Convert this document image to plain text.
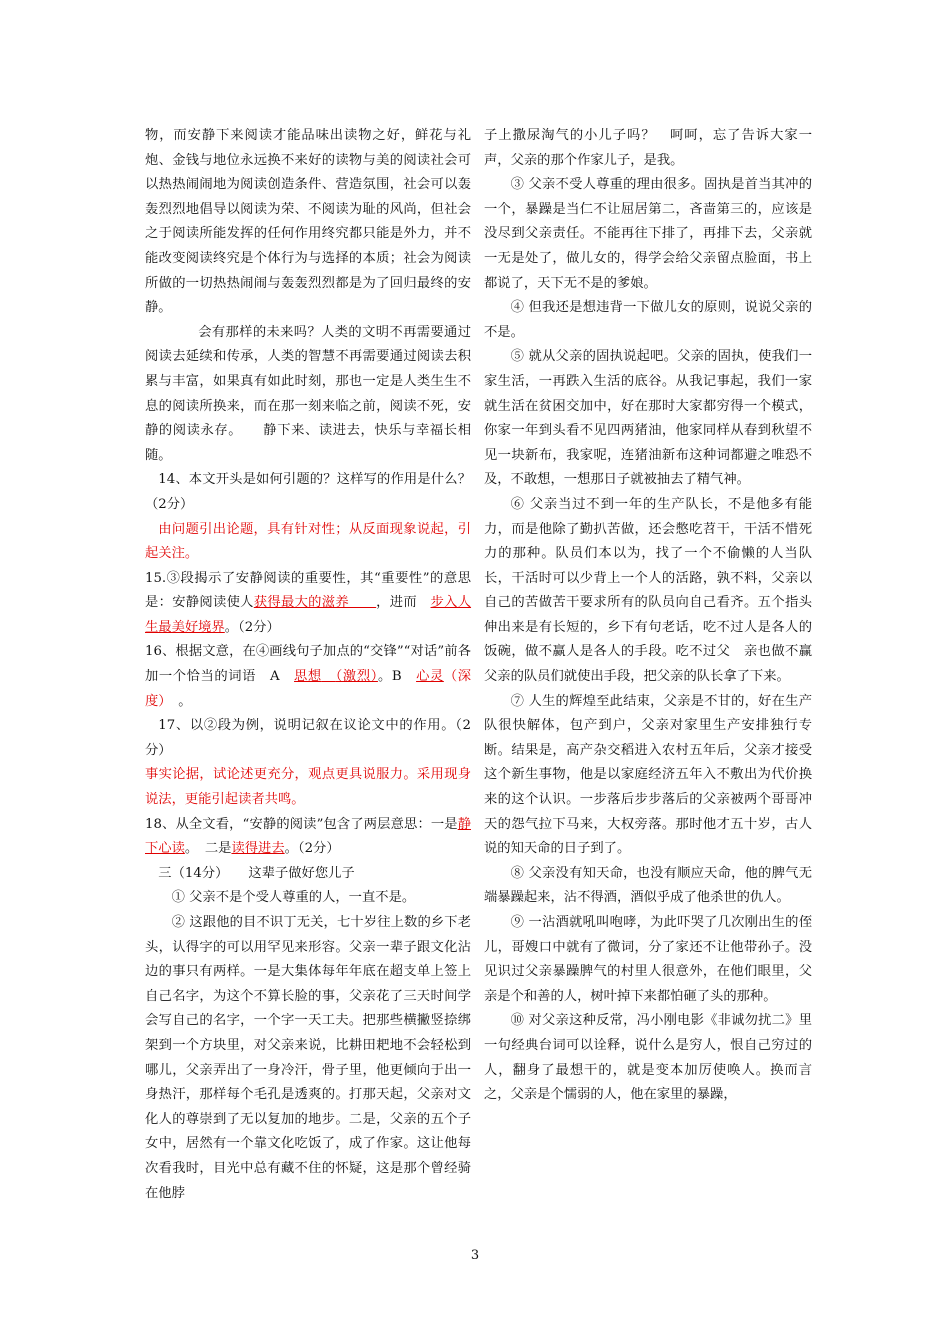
物，而安静下来阅读才能品味出读物之好，鲜花与礼炮、金钱与地位永远换不来好的读物与美的阅读社会可以热热闹闹地为阅读创造条件、营造氛围，社会可以轰轰烈烈地倡导以阅读为荣、不阅读为耻的风尚，但社会之于阅读所能发挥的任何作用终究都只能是外力，并不能改变阅读终究是个体行为与选择的本质；社会为阅读所做的一切热热闹闹与轰轰烈烈都是为了回归最终的安静。

会有那样的未来吗？人类的文明不再需要通过阅读去延续和传承，人类的智慧不再需要通过阅读去积累与丰富，如果真有如此时刻，那也一定是人类生生不息的阅读所换来，而在那一刻来临之前，阅读不死，安静的阅读永存。　　静下来、读进去，快乐与幸福长相随。

14、本文开头是如何引题的？这样写的作用是什么？（2分）

由问题引出论题，具有针对性；从反面现象说起，引起关注。

15.③段揭示了安静阅读的重要性，其“重要性”的意思是：安静阅读使人获得最大的滋养　　，进而　步入人生最美好境界。（2分）

16、根据文意，在④画线句子加点的“交锋”“对话”前各加一个恰当的词语　A　思想　 （激烈）。B　心灵（深度）　。

17、以②段为例，说明记叙在议论文中的作用。（2分）

事实论据，试论述更充分，观点更具说服力。采用现身说法，更能引起读者共鸣。

18、从全文看，“安静的阅读”包含了两层意思：一是静下心读。　二是读得进去。（2分）

三（14分）　　这辈子做好您儿子

① 父亲不是个受人尊重的人，一直不是。

② 这跟他的目不识丁无关，七十岁往上数的乡下老头，认得字的可以用罕见来形容。父亲一辈子跟文化沾边的事只有两样。一是大集体每年年底在超支单上签上自己名字，为这个不算长脸的事，父亲花了三天时间学会写自己的名字，一个字一天工夫。把那些横撇竖捺绑架到一个方块里，对父亲来说，比耕田耙地不会轻松到哪儿，父亲弄出了一身冷汗，骨子里，他更倾向于出一身热汗，那样每个毛孔是透爽的。打那天起，父亲对文化人的尊崇到了无以复加的地步。二是，父亲的五个子女中，居然有一个靠文化吃饭了，成了作家。这让他每次看我时，目光中总有藏不住的怀疑，这是那个曾经骑在他脖

子上撒尿淘气的小儿子吗？　呵呵，忘了告诉大家一声，父亲的那个作家儿子，是我。

③ 父亲不受人尊重的理由很多。固执是首当其冲的一个，暴躁是当仁不让屈居第二，吝啬第三的，应该是没尽到父亲责任。不能再往下排了，再排下去，父亲就一无是处了，做儿女的，得学会给父亲留点脸面，书上都说了，天下无不是的爹娘。

④ 但我还是想违背一下做儿女的原则，说说父亲的不是。

⑤ 就从父亲的固执说起吧。父亲的固执，使我们一家生活，一再跌入生活的底谷。从我记事起，我们一家就生活在贫困交加中，好在那时大家都穷得一个模式，你家一年到头看不见四两猪油，他家同样从春到秋望不见一块新布，我家呢，连猪油新布这种词都避之唯恐不及，不敢想，一想那日子就被抽去了精气神。

⑥ 父亲当过不到一年的生产队长，不是他多有能力，而是他除了勤扒苦做，还会憋吃苕干，干活不惜死力的那种。队员们本以为，找了一个不偷懒的人当队长，干活时可以少背上一个人的活路，孰不料，父亲以自己的苦做苦干要求所有的队员向自己看齐。五个指头伸出来是有长短的，乡下有句老话，吃不过人是各人的饭碗，做不赢人是各人的手段。吃不过父　亲也做不赢父亲的队员们就使出手段，把父亲的队长拿了下来。

⑦ 人生的辉煌至此结束，父亲是不甘的，好在生产队很快解体，包产到户，父亲对家里生产安排独行专断。结果是，高产杂交稻进入农村五年后，父亲才接受这个新生事物，他是以家庭经济五年入不敷出为代价换来的这个认识。一步落后步步落后的父亲被两个哥哥冲天的怨气拉下马来，大权旁落。那时他才五十岁，古人说的知天命的日子到了。

⑧ 父亲没有知天命，也没有顺应天命，他的脾气无端暴躁起来，沾不得酒，酒似乎成了他杀世的仇人。

⑨ 一沾酒就吼叫咆哮，为此吓哭了几次刚出生的侄儿，哥嫂口中就有了微词，分了家还不让他带孙子。没见识过父亲暴躁脾气的村里人很意外，在他们眼里，父亲是个和善的人，树叶掉下来都怕砸了头的那种。

⑩ 对父亲这种反常，冯小刚电影《非诚勿扰二》里一句经典台词可以诠释，说什么是穷人，恨自己穷过的人，翻身了最想干的，就是变本加厉使唤人。换而言之，父亲是个懦弱的人，他在家里的暴躁，

3
